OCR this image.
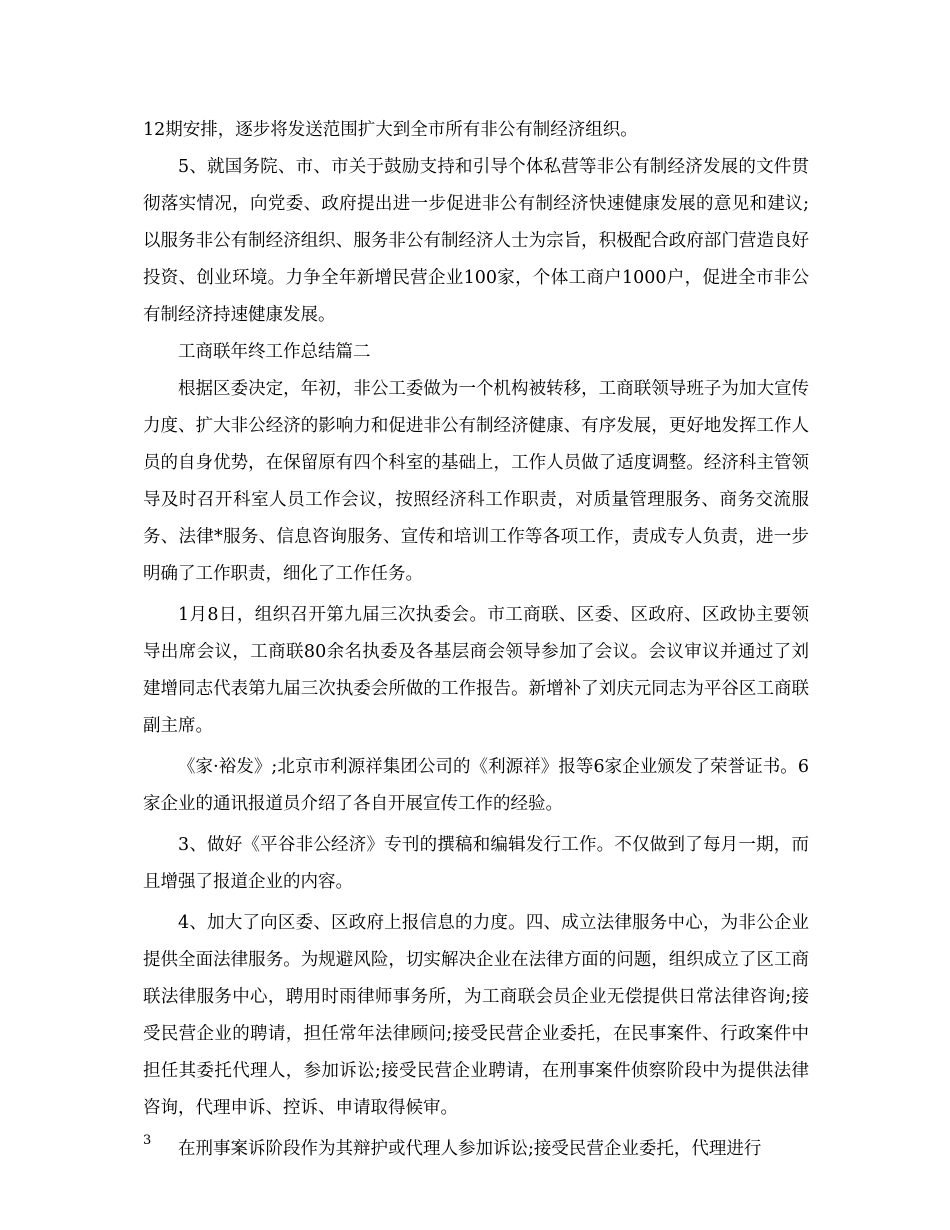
12期安排，逐步将发送范围扩大到全市所有非公有制经济组织。

5、就国务院、市、市关于鼓励支持和引导个体私营等非公有制经济发展的文件贯彻落实情况，向党委、政府提出进一步促进非公有制经济快速健康发展的意见和建议;以服务非公有制经济组织、服务非公有制经济人士为宗旨，积极配合政府部门营造良好投资、创业环境。力争全年新增民营企业100家，个体工商户1000户，促进全市非公有制经济持速健康发展。

工商联年终工作总结篇二

根据区委决定，年初，非公工委做为一个机构被转移，工商联领导班子为加大宣传力度、扩大非公经济的影响力和促进非公有制经济健康、有序发展，更好地发挥工作人员的自身优势，在保留原有四个科室的基础上，工作人员做了适度调整。经济科主管领导及时召开科室人员工作会议，按照经济科工作职责，对质量管理服务、商务交流服务、法律*服务、信息咨询服务、宣传和培训工作等各项工作，责成专人负责，进一步明确了工作职责，细化了工作任务。

1月8日，组织召开第九届三次执委会。市工商联、区委、区政府、区政协主要领导出席会议，工商联80余名执委及各基层商会领导参加了会议。会议审议并通过了刘建增同志代表第九届三次执委会所做的工作报告。新增补了刘庆元同志为平谷区工商联副主席。

《家·裕发》;北京市利源祥集团公司的《利源祥》报等6家企业颁发了荣誉证书。6家企业的通讯报道员介绍了各自开展宣传工作的经验。

3、做好《平谷非公经济》专刊的撰稿和编辑发行工作。不仅做到了每月一期，而且增强了报道企业的内容。

4、加大了向区委、区政府上报信息的力度。四、成立法律服务中心，为非公企业提供全面法律服务。为规避风险，切实解决企业在法律方面的问题，组织成立了区工商联法律服务中心，聘用时雨律师事务所，为工商联会员企业无偿提供日常法律咨询;接受民营企业的聘请，担任常年法律顾问;接受民营企业委托，在民事案件、行政案件中担任其委托代理人，参加诉讼;接受民营企业聘请，在刑事案件侦察阶段中为提供法律咨询，代理申诉、控诉、申请取得候审。

在刑事案诉阶段作为其辩护或代理人参加诉讼;接受民营企业委托，代理进行

3
